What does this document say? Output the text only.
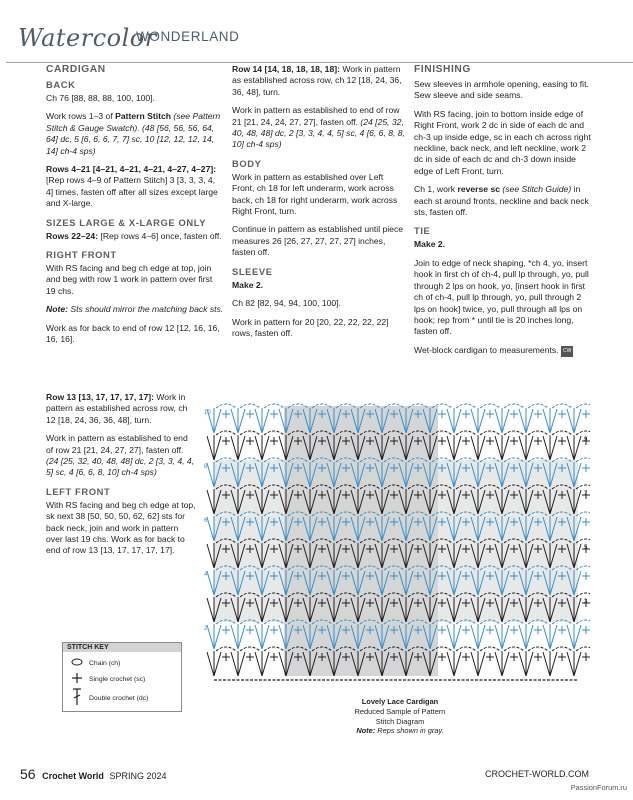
Watercolor
WONDERLAND
CARDIGAN
BACK

Ch 76 [88, 88, 88, 100, 100].

Work rows 1–3 of Pattern Stitch (see Pattern Stitch & Gauge Swatch). (48 [56, 56, 56, 64, 64] dc, 5 [6, 6, 6, 7, 7] sc, 10 [12, 12, 12, 14, 14] ch-4 sps)

Rows 4–21 [4–21, 4–21, 4–21, 4–27, 4–27]: [Rep rows 4–9 of Pattern Stitch] 3 [3, 3, 3, 4, 4] times, fasten off after all sizes except large and X-large.

SIZES LARGE & X-LARGE ONLY

Rows 22–24: [Rep rows 4–6] once, fasten off.

RIGHT FRONT

With RS facing and beg ch edge at top, join and beg with row 1 work in pattern over first 19 chs.

Note: Sts should mirror the matching back sts.

Work as for back to end of row 12 [12, 16, 16, 16, 16].

Row 13 [13, 17, 17, 17, 17]: Work in pattern as established across row, ch 12 [18, 24, 36, 36, 48], turn.

Work in pattern as established to end of row 21 [21, 24, 27, 27], fasten off. (24 [25, 32, 40, 48, 48] dc, 2 [3, 3, 4, 4, 5] sc, 4 [6, 6, 8, 10] ch-4 sps)

LEFT FRONT

With RS facing and beg ch edge at top, sk next 38 [50, 50, 50, 62, 62] sts for back neck, join and work in pattern over last 19 chs. Work as for back to end of row 13 [13, 17, 17, 17, 17].

Row 14 [14, 18, 18, 18, 18]: Work in pattern as established across row, ch 12 [18, 24, 36, 36, 48], turn.

Work in pattern as established to end of row 21 [21, 24, 24, 27, 27], fasten off. (24 [25, 32, 40, 48, 48] dc, 2 [3, 3, 4, 4, 5] sc, 4 [6, 6, 8, 8, 10] ch-4 sps)

BODY

Work in pattern as established over Left Front, ch 18 for left underarm, work across back, ch 18 for right underarm, work across Right Front, turn.

Continue in pattern as established until piece measures 26 [26, 27, 27, 27, 27] inches, fasten off.

SLEEVE

Make 2.

Ch 82 [82, 94, 94, 100, 100].

Work in pattern for 20 [20, 22, 22, 22, 22] rows, fasten off.

FINISHING

Sew sleeves in armhole opening, easing to fit. Sew sleeve and side seams.

With RS facing, join to bottom inside edge of Right Front, work 2 dc in side of each dc and ch-3 up inside edge, sc in each ch across right neckline, back neck, and left neckline, work 2 dc in side of each dc and ch-3 down inside edge of Left Front, turn.

Ch 1, work reverse sc (see Stitch Guide) in each st around fronts, neckline and back neck sts, fasten off.

TIE

Make 2.

Join to edge of neck shaping, *ch 4, yo, insert hook in first ch of ch-4, pull lp through, yo, pull through 2 lps on hook, yo, [insert hook in first ch of ch-4, pull lp through, yo, pull through 2 lps on hook] twice, yo, pull through all lps on hook; rep from * until tie is 20 inches long, fasten off.

Wet-block cardigan to measurements. CW

10
8
6
4
2
9
7
5
3
1
Lovely Lace Cardigan
Reduced Sample of Pattern
Stitch Diagram
Note: Reps shown in gray.
STITCH KEY
Chain (ch)
Single crochet (sc)
Double crochet (dc)
56 Crochet World SPRING 2024	CROCHET-WORLD.COM
PassionForum.ru
